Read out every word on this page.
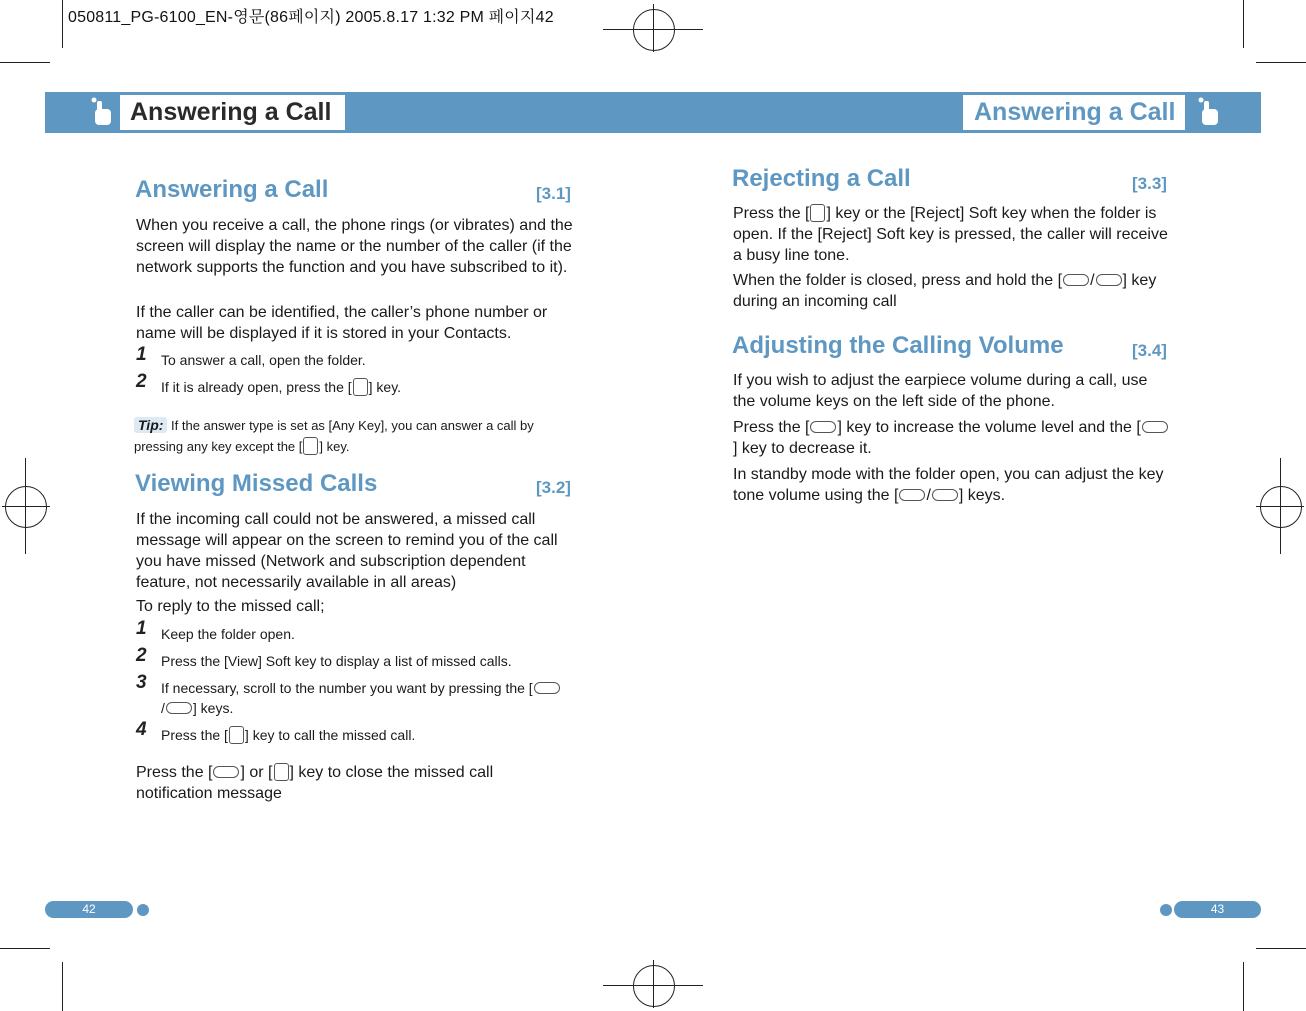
050811_PG-6100_EN-영문(86페이지) 2005.8.17 1:32 PM 페이지42
Answering a Call	Answering a Call
Answering a Call	[3.1]
When you receive a call, the phone rings (or vibrates) and the screen will display the name or the number of the caller (if the network supports the function and you have subscribed to it).
If the caller can be identified, the caller’s phone number or name will be displayed if it is stored in your Contacts.
1 To answer a call, open the folder.
2 If it is already open, press the [ ] key.
Tip: If the answer type is set as [Any Key], you can answer a call by pressing any key except the [ ] key.
Viewing Missed Calls	[3.2]
If the incoming call could not be answered, a missed call message will appear on the screen to remind you of the call you have missed (Network and subscription dependent feature, not necessarily available in all areas)
To reply to the missed call;
1 Keep the folder open.
2 Press the [View] Soft key to display a list of missed calls.
3 If necessary, scroll to the number you want by pressing the [/ ] keys.
4 Press the [ ] key to call the missed call.
Press the [ ] or [ ] key to close the missed call notification message
42
Rejecting a Call	[3.3]
Press the [ ] key or the [Reject] Soft key when the folder is open. If the [Reject] Soft key is pressed, the caller will receive a busy line tone.
When the folder is closed, press and hold the [ / ] key during an incoming call
Adjusting the Calling Volume	[3.4]
If you wish to adjust the earpiece volume during a call, use the volume keys on the left side of the phone.
Press the [ ] key to increase the volume level and the [] key to decrease it.
In standby mode with the folder open, you can adjust the key tone volume using the [ / ] keys.
43
